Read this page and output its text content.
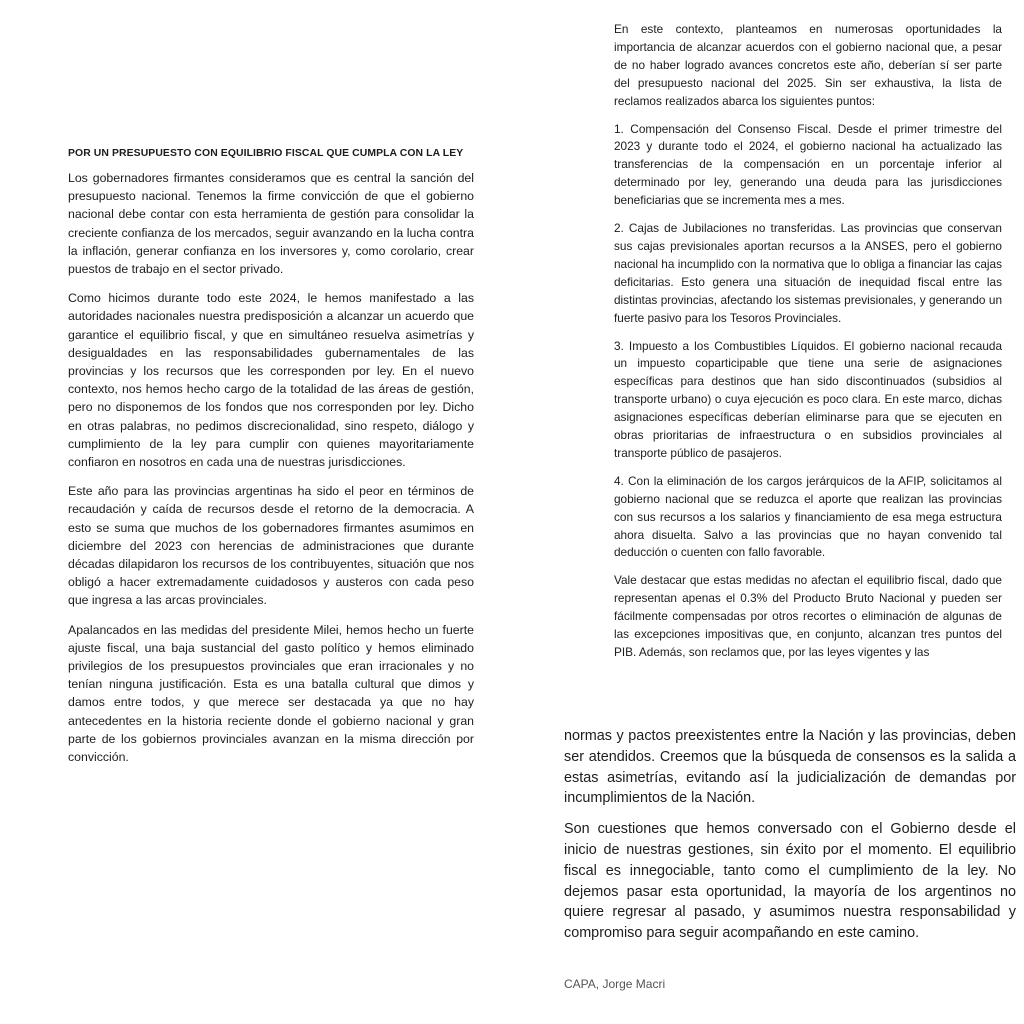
POR UN PRESUPUESTO CON EQUILIBRIO FISCAL QUE CUMPLA CON LA LEY

Los gobernadores firmantes consideramos que es central la sanción del presupuesto nacional. Tenemos la firme convicción de que el gobierno nacional debe contar con esta herramienta de gestión para consolidar la creciente confianza de los mercados, seguir avanzando en la lucha contra la inflación, generar confianza en los inversores y, como corolario, crear puestos de trabajo en el sector privado.

Como hicimos durante todo este 2024, le hemos manifestado a las autoridades nacionales nuestra predisposición a alcanzar un acuerdo que garantice el equilibrio fiscal, y que en simultáneo resuelva asimetrías y desigualdades en las responsabilidades gubernamentales de las provincias y los recursos que les corresponden por ley. En el nuevo contexto, nos hemos hecho cargo de la totalidad de las áreas de gestión, pero no disponemos de los fondos que nos corresponden por ley. Dicho en otras palabras, no pedimos discrecionalidad, sino respeto, diálogo y cumplimiento de la ley para cumplir con quienes mayoritariamente confiaron en nosotros en cada una de nuestras jurisdicciones.

Este año para las provincias argentinas ha sido el peor en términos de recaudación y caída de recursos desde el retorno de la democracia. A esto se suma que muchos de los gobernadores firmantes asumimos en diciembre del 2023 con herencias de administraciones que durante décadas dilapidaron los recursos de los contribuyentes, situación que nos obligó a hacer extremadamente cuidadosos y austeros con cada peso que ingresa a las arcas provinciales.

Apalancados en las medidas del presidente Milei, hemos hecho un fuerte ajuste fiscal, una baja sustancial del gasto político y hemos eliminado privilegios de los presupuestos provinciales que eran irracionales y no tenían ninguna justificación. Esta es una batalla cultural que dimos y damos entre todos, y que merece ser destacada ya que no hay antecedentes en la historia reciente donde el gobierno nacional y gran parte de los gobiernos provinciales avanzan en la misma dirección por convicción.

En este contexto, planteamos en numerosas oportunidades la importancia de alcanzar acuerdos con el gobierno nacional que, a pesar de no haber logrado avances concretos este año, deberían sí ser parte del presupuesto nacional del 2025. Sin ser exhaustiva, la lista de reclamos realizados abarca los siguientes puntos:

1. Compensación del Consenso Fiscal. Desde el primer trimestre del 2023 y durante todo el 2024, el gobierno nacional ha actualizado las transferencias de la compensación en un porcentaje inferior al determinado por ley, generando una deuda para las jurisdicciones beneficiarias que se incrementa mes a mes.

2. Cajas de Jubilaciones no transferidas. Las provincias que conservan sus cajas previsionales aportan recursos a la ANSES, pero el gobierno nacional ha incumplido con la normativa que lo obliga a financiar las cajas deficitarias. Esto genera una situación de inequidad fiscal entre las distintas provincias, afectando los sistemas previsionales, y generando un fuerte pasivo para los Tesoros Provinciales.

3. Impuesto a los Combustibles Líquidos. El gobierno nacional recauda un impuesto coparticipable que tiene una serie de asignaciones específicas para destinos que han sido discontinuados (subsidios al transporte urbano) o cuya ejecución es poco clara. En este marco, dichas asignaciones específicas deberían eliminarse para que se ejecuten en obras prioritarias de infraestructura o en subsidios provinciales al transporte público de pasajeros.

4. Con la eliminación de los cargos jerárquicos de la AFIP, solicitamos al gobierno nacional que se reduzca el aporte que realizan las provincias con sus recursos a los salarios y financiamiento de esa mega estructura ahora disuelta. Salvo a las provincias que no hayan convenido tal deducción o cuenten con fallo favorable.

Vale destacar que estas medidas no afectan el equilibrio fiscal, dado que representan apenas el 0.3% del Producto Bruto Nacional y pueden ser fácilmente compensadas por otros recortes o eliminación de algunas de las excepciones impositivas que, en conjunto, alcanzan tres puntos del PIB. Además, son reclamos que, por las leyes vigentes y las

normas y pactos preexistentes entre la Nación y las provincias, deben ser atendidos. Creemos que la búsqueda de consensos es la salida a estas asimetrías, evitando así la judicialización de demandas por incumplimientos de la Nación.

Son cuestiones que hemos conversado con el Gobierno desde el inicio de nuestras gestiones, sin éxito por el momento. El equilibrio fiscal es innegociable, tanto como el cumplimiento de la ley. No dejemos pasar esta oportunidad, la mayoría de los argentinos no quiere regresar al pasado, y asumimos nuestra responsabilidad y compromiso para seguir acompañando en este camino.

CAPA, Jorge Macri
